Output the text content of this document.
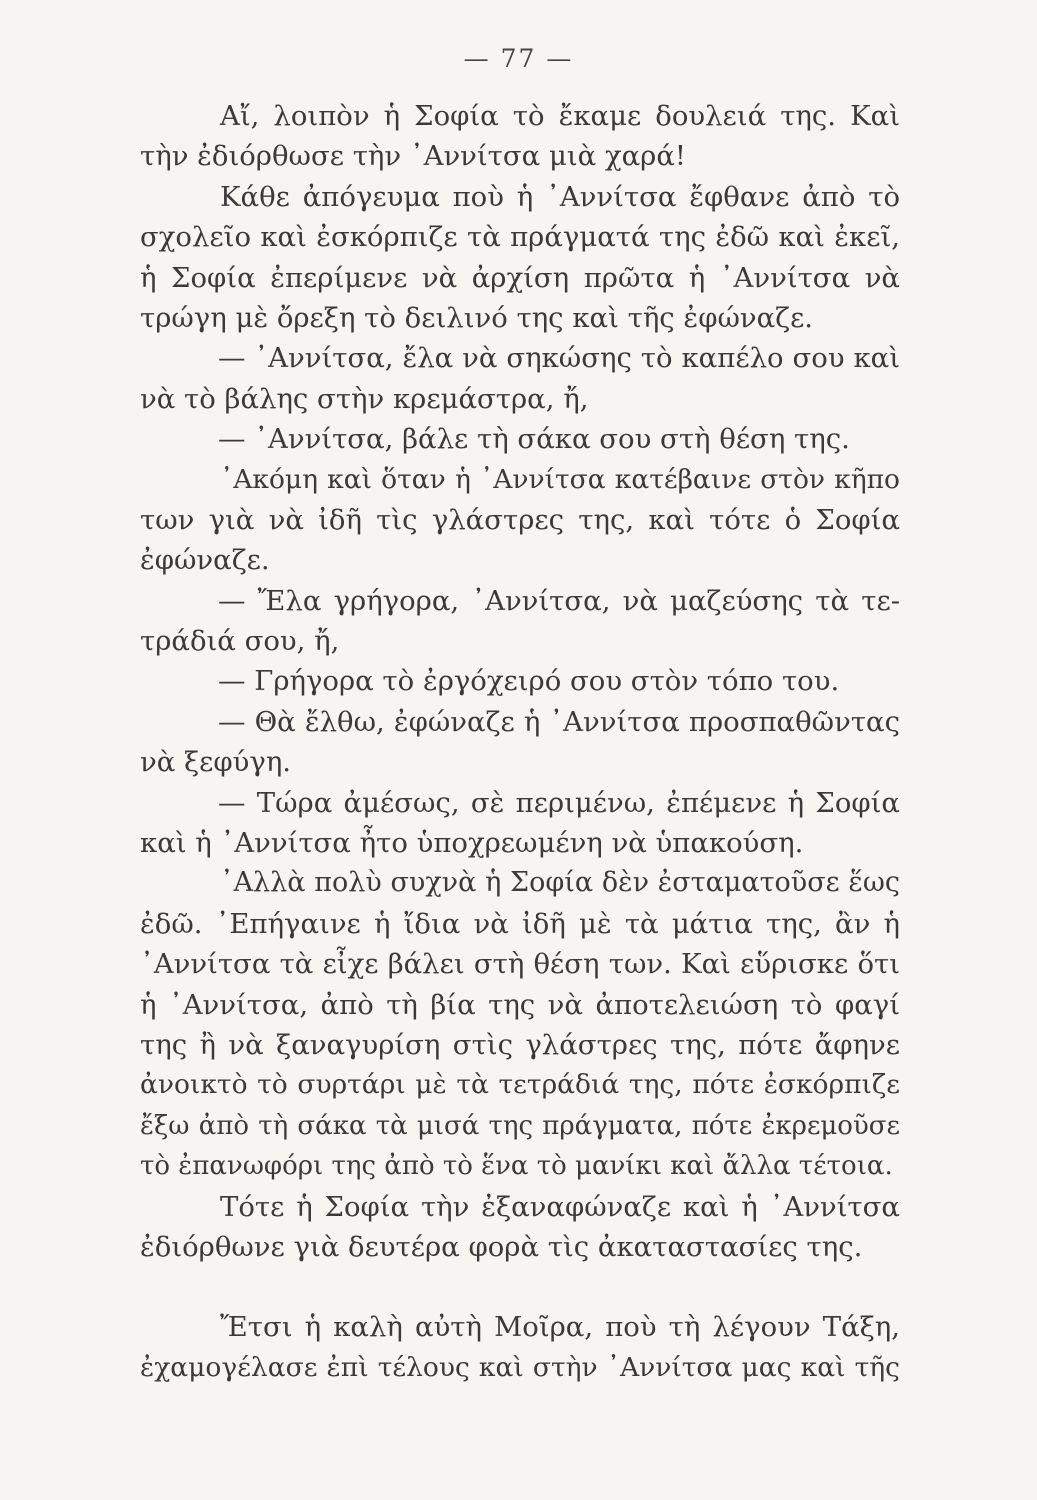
— 77 —
Αἴ, λοιπὸν ἡ Σοφία τὸ ἔκαμε δουλειά της. Καὶ
τὴν ἐδιόρθωσε τὴν ᾿Αννίτσα μιὰ χαρά!
Κάθε ἀπόγευμα ποὺ ἡ ᾿Αννίτσα ἔφθανε ἀπὸ τὸ
σχολεῖο καὶ ἐσκόρπιζε τὰ πράγματά της ἐδῶ καὶ ἐκεῖ,
ἡ Σοφία ἐπερίμενε νὰ ἀρχίση πρῶτα ἡ ᾿Αννίτσα νὰ
τρώγη μὲ ὄρεξη τὸ δειλινό της καὶ τῆς ἐφώναζε.
— ᾿Αννίτσα, ἔλα νὰ σηκώσης τὸ καπέλο σου καὶ
νὰ τὸ βάλης στὴν κρεμάστρα, ἤ,
— ᾿Αννίτσα, βάλε τὴ σάκα σου στὴ θέση της.
᾿Ακόμη καὶ ὅταν ἡ ᾿Αννίτσα κατέβαινε στὸν κῆπο
των γιὰ νὰ ἰδῆ τὶς γλάστρες της, καὶ τότε ὁ Σοφία
ἐφώναζε.
— Ἔλα γρήγορα, ᾿Αννίτσα, νὰ μαζεύσης τὰ τε-
τράδιά σου, ἤ,
— Γρήγορα τὸ ἐργόχειρό σου στὸν τόπο του.
— Θὰ ἔλθω, ἐφώναζε ἡ ᾿Αννίτσα προσπαθῶντας
νὰ ξεφύγη.
— Τώρα ἀμέσως, σὲ περιμένω, ἐπέμενε ἡ Σοφία
καὶ ἡ ᾿Αννίτσα ἦτο ὑποχρεωμένη νὰ ὑπακούση.
᾿Αλλὰ πολὺ συχνὰ ἡ Σοφία δὲν ἐσταματοῦσε ἕως
ἐδῶ. ᾿Επήγαινε ἡ ἴδια νὰ ἰδῆ μὲ τὰ μάτια της, ἂν ἡ
᾿Αννίτσα τὰ εἶχε βάλει στὴ θέση των. Καὶ εὕρισκε ὅτι
ἡ ᾿Αννίτσα, ἀπὸ τὴ βία της νὰ ἀποτελειώση τὸ φαγί
της ἢ νὰ ξαναγυρίση στὶς γλάστρες της, πότε ἄφηνε
ἀνοικτὸ τὸ συρτάρι μὲ τὰ τετράδιά της, πότε ἐσκόρπιζε
ἔξω ἀπὸ τὴ σάκα τὰ μισά της πράγματα, πότε ἐκρεμοῦσε
τὸ ἐπανωφόρι της ἀπὸ τὸ ἕνα τὸ μανίκι καὶ ἄλλα τέτοια.
Τότε ἡ Σοφία τὴν ἐξαναφώναζε καὶ ἡ ᾿Αννίτσα
ἐδιόρθωνε γιὰ δευτέρα φορὰ τὶς ἀκαταστασίες της.
Ἔτσι ἡ καλὴ αὐτὴ Μοῖρα, ποὺ τὴ λέγουν Τάξη,
ἐχαμογέλασε ἐπὶ τέλους καὶ στὴν ᾿Αννίτσα μας καὶ τῆς
